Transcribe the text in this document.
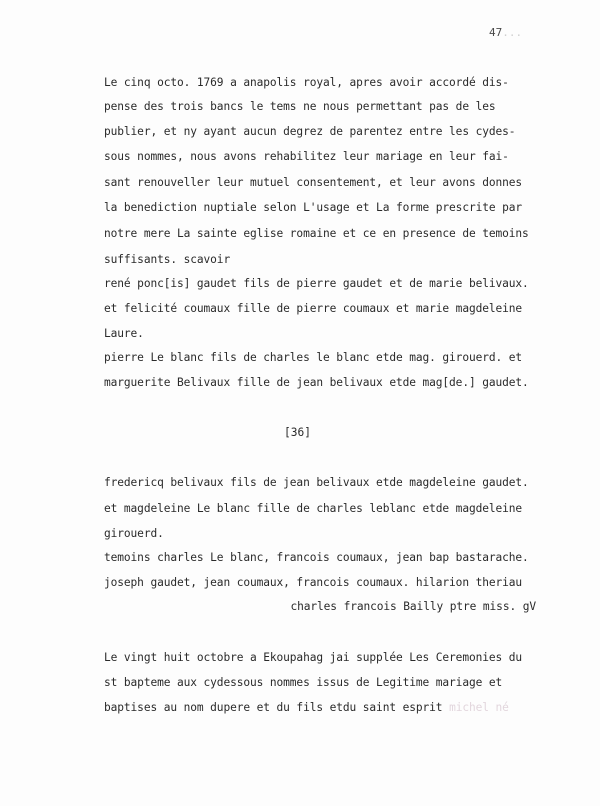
47...
Le cinq octo. 1769 a anapolis royal, apres avoir accordé dis-
pense des trois bancs le tems ne nous permettant pas de les
publier, et ny ayant aucun degrez de parentez entre les cydes-
sous nommes, nous avons rehabilitez leur mariage en leur fai-
sant renouveller leur mutuel consentement, et leur avons donnes
la benediction nuptiale selon L'usage et La forme prescrite par
notre mere La sainte eglise romaine et ce en presence de temoins
suffisants. scavoir
rené ponc[is] gaudet fils de pierre gaudet et de marie belivaux.
et felicité coumaux fille de pierre coumaux et marie magdeleine
Laure.
pierre Le blanc fils de charles le blanc etde mag. girouerd. et
marguerite Belivaux fille de jean belivaux etde mag[de.] gaudet.
[36]
fredericq belivaux fils de jean belivaux etde magdeleine gaudet.
et magdeleine Le blanc fille de charles leblanc etde magdeleine
girouerd.
temoins charles Le blanc, francois coumaux, jean bap bastarache.
joseph gaudet, jean coumaux, francois coumaux. hilarion theriau
charles francois Bailly ptre miss. gV
Le vingt huit octobre a Ekoupahag jai supplée Les Ceremonies du
st bapteme aux cydessous nommes issus de Legitime mariage et
baptises au nom dupere et du fils etdu saint esprit michel né
